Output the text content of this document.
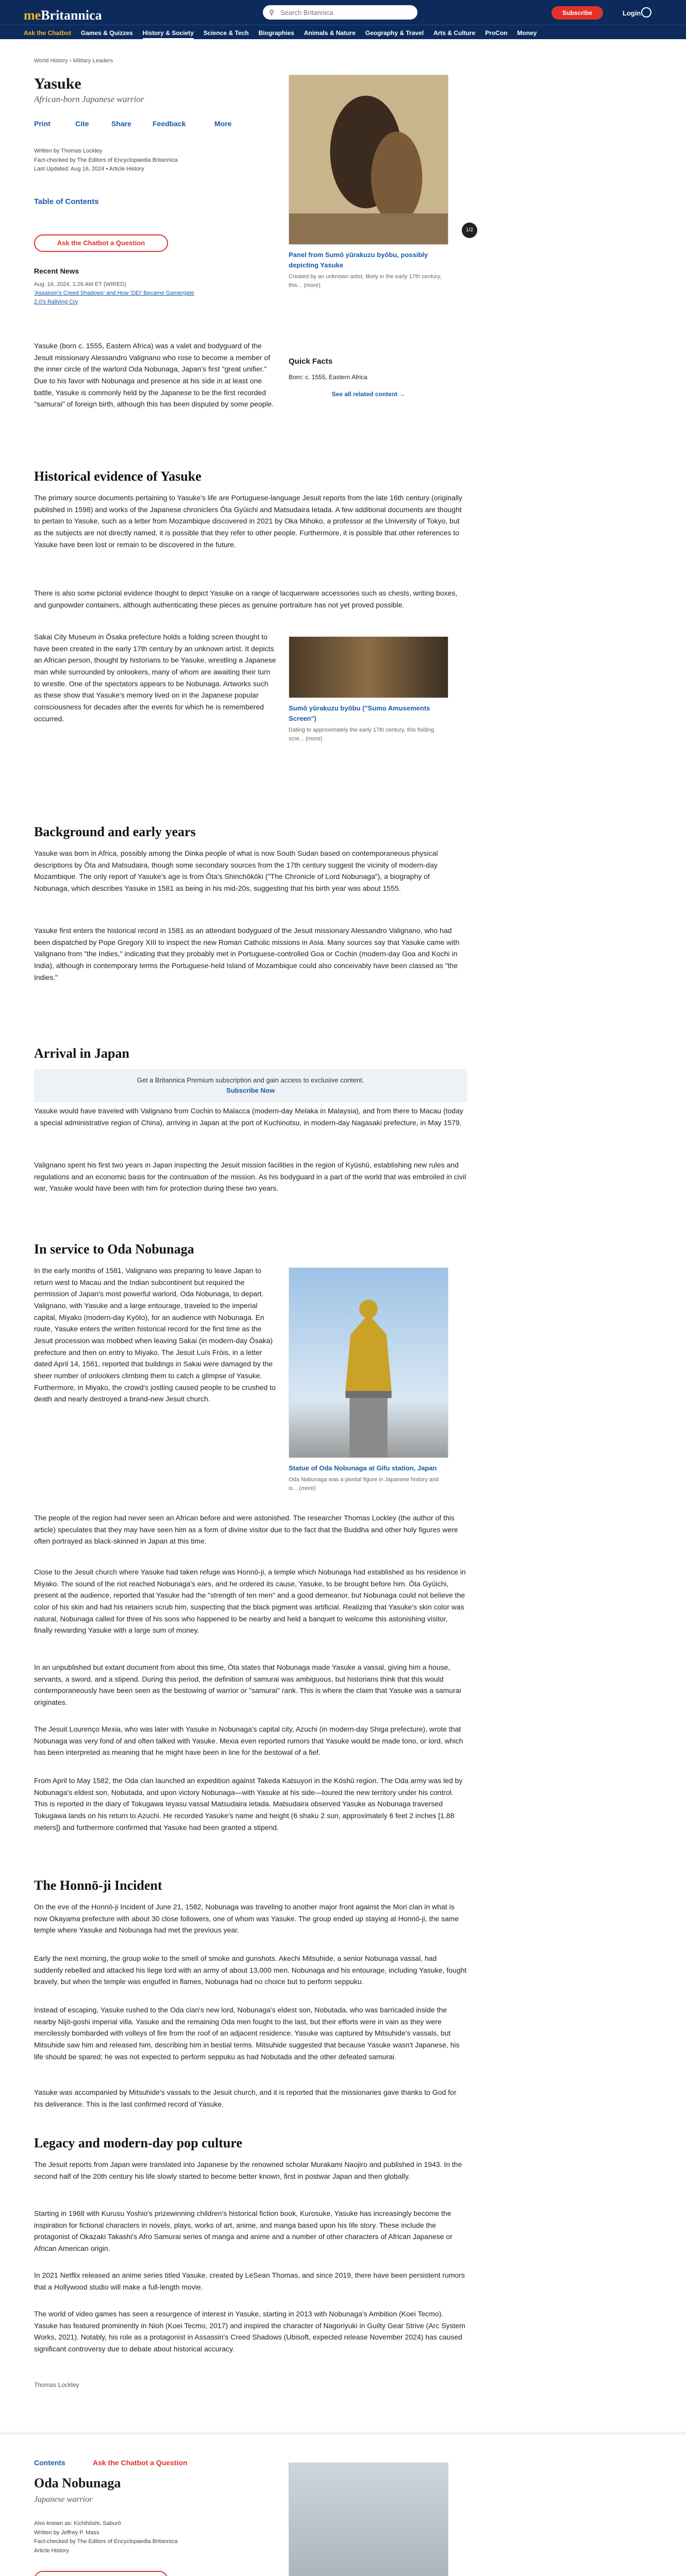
meBritannica	⚲
Search Britannica	Subscribe	Login
Ask the Chatbot Games & Quizzes History & Society Science & Tech Biographies Animals & Nature Geography & Travel Arts & Culture ProCon Money
World History › Military Leaders
Yasuke
African-born Japanese warrior
Print	Cite	Share	Feedback	More
Written by Thomas Lockley
Fact-checked by The Editors of Encyclopaedia Britannica
Last Updated: Aug 16, 2024 • Article History
Table of Contents
Ask the Chatbot a Question
Recent News
Aug. 16, 2024, 1:26 AM ET (WIRED)
'Assassin's Creed Shadows' and How 'DEI' Became Gamergate 2.0's Rallying Cry
1/2
Panel from Sumō yūrakuzu byōbu, possibly depicting Yasuke
Created by an unknown artist, likely in the early 17th century, this... (more)
Quick Facts
Born: c. 1555, Eastern Africa
See all related content →

Yasuke (born c. 1555, Eastern Africa) was a valet and bodyguard of the Jesuit missionary Alessandro Valignano who rose to become a member of the inner circle of the warlord Oda Nobunaga, Japan's first "great unifier." Due to his favor with Nobunaga and presence at his side in at least one battle, Yasuke is commonly held by the Japanese to be the first recorded "samurai" of foreign birth, although this has been disputed by some people.

Historical evidence of Yasuke

The primary source documents pertaining to Yasuke's life are Portuguese-language Jesuit reports from the late 16th century (originally published in 1598) and works of the Japanese chroniclers Ōta Gyūichi and Matsudaira Ietada. A few additional documents are thought to pertain to Yasuke, such as a letter from Mozambique discovered in 2021 by Oka Mihoko, a professor at the University of Tokyo, but as the subjects are not directly named, it is possible that they refer to other people. Furthermore, it is possible that other references to Yasuke have been lost or remain to be discovered in the future.

There is also some pictorial evidence thought to depict Yasuke on a range of lacquerware accessories such as chests, writing boxes, and gunpowder containers, although authenticating these pieces as genuine portraiture has not yet proved possible.

Sakai City Museum in Ōsaka prefecture holds a folding screen thought to have been created in the early 17th century by an unknown artist. It depicts an African person, thought by historians to be Yasuke, wrestling a Japanese man while surrounded by onlookers, many of whom are awaiting their turn to wrestle. One of the spectators appears to be Nobunaga. Artworks such as these show that Yasuke's memory lived on in the Japanese popular consciousness for decades after the events for which he is remembered occurred.

Sumō yūrakuzu byōbu ("Sumo Amusements Screen")
Dating to approximately the early 17th century, this folding scre... (more)
Background and early years

Yasuke was born in Africa, possibly among the Dinka people of what is now South Sudan based on contemporaneous physical descriptions by Ōta and Matsudaira, though some secondary sources from the 17th century suggest the vicinity of modern-day Mozambique. The only report of Yasuke's age is from Ōta's Shinchōkōki ("The Chronicle of Lord Nobunaga"), a biography of Nobunaga, which describes Yasuke in 1581 as being in his mid-20s, suggesting that his birth year was about 1555.

Yasuke first enters the historical record in 1581 as an attendant bodyguard of the Jesuit missionary Alessandro Valignano, who had been dispatched by Pope Gregory XIII to inspect the new Roman Catholic missions in Asia. Many sources say that Yasuke came with Valignano from "the Indies," indicating that they probably met in Portuguese-controlled Goa or Cochin (modern-day Goa and Kochi in India), although in contemporary terms the Portuguese-held Island of Mozambique could also conceivably have been classed as "the Indies."

Arrival in Japan
Get a Britannica Premium subscription and gain access to exclusive content.
Subscribe Now

Yasuke would have traveled with Valignano from Cochin to Malacca (modern-day Melaka in Malaysia), and from there to Macau (today a special administrative region of China), arriving in Japan at the port of Kuchinotsu, in modern-day Nagasaki prefecture, in May 1579.

Valignano spent his first two years in Japan inspecting the Jesuit mission facilities in the region of Kyūshū, establishing new rules and regulations and an economic basis for the continuation of the mission. As his bodyguard in a part of the world that was embroiled in civil war, Yasuke would have been with him for protection during these two years.

In service to Oda Nobunaga

In the early months of 1581, Valignano was preparing to leave Japan to return west to Macau and the Indian subcontinent but required the permission of Japan's most powerful warlord, Oda Nobunaga, to depart. Valignano, with Yasuke and a large entourage, traveled to the imperial capital, Miyako (modern-day Kyōto), for an audience with Nobunaga. En route, Yasuke enters the written historical record for the first time as the Jesuit procession was mobbed when leaving Sakai (in modern-day Ōsaka) prefecture and then on entry to Miyako. The Jesuit Luís Fróis, in a letter dated April 14, 1581, reported that buildings in Sakai were damaged by the sheer number of onlookers climbing them to catch a glimpse of Yasuke. Furthermore, in Miyako, the crowd's jostling caused people to be crushed to death and nearly destroyed a brand-new Jesuit church.

Statue of Oda Nobunaga at Gifu station, Japan
Oda Nobunaga was a pivotal figure in Japanese history and is... (more)

The people of the region had never seen an African before and were astonished. The researcher Thomas Lockley (the author of this article) speculates that they may have seen him as a form of divine visitor due to the fact that the Buddha and other holy figures were often portrayed as black-skinned in Japan at this time.

Close to the Jesuit church where Yasuke had taken refuge was Honnō-ji, a temple which Nobunaga had established as his residence in Miyako. The sound of the riot reached Nobunaga's ears, and he ordered its cause, Yasuke, to be brought before him. Ōta Gyūichi, present at the audience, reported that Yasuke had the "strength of ten men" and a good demeanor, but Nobunaga could not believe the color of his skin and had his retainers scrub him, suspecting that the black pigment was artificial. Realizing that Yasuke's skin color was natural, Nobunaga called for three of his sons who happened to be nearby and held a banquet to welcome this astonishing visitor, finally rewarding Yasuke with a large sum of money.

In an unpublished but extant document from about this time, Ōta states that Nobunaga made Yasuke a vassal, giving him a house, servants, a sword, and a stipend. During this period, the definition of samurai was ambiguous, but historians think that this would contemporaneously have been seen as the bestowing of warrior or "samurai" rank. This is where the claim that Yasuke was a samurai originates.

The Jesuit Lourenço Mexia, who was later with Yasuke in Nobunaga's capital city, Azuchi (in modern-day Shiga prefecture), wrote that Nobunaga was very fond of and often talked with Yasuke. Mexia even reported rumors that Yasuke would be made tono, or lord, which has been interpreted as meaning that he might have been in line for the bestowal of a fief.

From April to May 1582, the Oda clan launched an expedition against Takeda Katsuyori in the Kōshū region. The Oda army was led by Nobunaga's eldest son, Nobutada, and upon victory Nobunaga—with Yasuke at his side—toured the new territory under his control. This is reported in the diary of Tokugawa Ieyasu vassal Matsudaira Ietada. Matsudaira observed Yasuke as Nobunaga traversed Tokugawa lands on his return to Azuchi. He recorded Yasuke's name and height (6 shaku 2 sun, approximately 6 feet 2 inches [1.88 meters]) and furthermore confirmed that Yasuke had been granted a stipend.

The Honnō-ji Incident

On the eve of the Honnō-ji Incident of June 21, 1582, Nobunaga was traveling to another major front against the Mori clan in what is now Okayama prefecture with about 30 close followers, one of whom was Yasuke. The group ended up staying at Honnō-ji, the same temple where Yasuke and Nobunaga had met the previous year.

Early the next morning, the group woke to the smell of smoke and gunshots. Akechi Mitsuhide, a senior Nobunaga vassal, had suddenly rebelled and attacked his liege lord with an army of about 13,000 men. Nobunaga and his entourage, including Yasuke, fought bravely, but when the temple was engulfed in flames, Nobunaga had no choice but to perform seppuku.

Instead of escaping, Yasuke rushed to the Oda clan's new lord, Nobunaga's eldest son, Nobutada, who was barricaded inside the nearby Nijō-goshi imperial villa. Yasuke and the remaining Oda men fought to the last, but their efforts were in vain as they were mercilessly bombarded with volleys of fire from the roof of an adjacent residence. Yasuke was captured by Mitsuhide's vassals, but Mitsuhide saw him and released him, describing him in bestial terms. Mitsuhide suggested that because Yasuke wasn't Japanese, his life should be spared; he was not expected to perform seppuku as had Nobutada and the other defeated samurai.

Yasuke was accompanied by Mitsuhide's vassals to the Jesuit church, and it is reported that the missionaries gave thanks to God for his deliverance. This is the last confirmed record of Yasuke.

Legacy and modern-day pop culture

The Jesuit reports from Japan were translated into Japanese by the renowned scholar Murakami Naojiro and published in 1943. In the second half of the 20th century his life slowly started to become better known, first in postwar Japan and then globally.

Starting in 1968 with Kurusu Yoshio's prizewinning children's historical fiction book, Kurosuke, Yasuke has increasingly become the inspiration for fictional characters in novels, plays, works of art, anime, and manga based upon his life story. These include the protagonist of Okazaki Takashi's Afro Samurai series of manga and anime and a number of other characters of African Japanese or African American origin.

In 2021 Netflix released an anime series titled Yasuke, created by LeSean Thomas, and since 2019, there have been persistent rumors that a Hollywood studio will make a full-length movie.

The world of video games has seen a resurgence of interest in Yasuke, starting in 2013 with Nobunaga's Ambition (Koei Tecmo). Yasuke has featured prominently in Nioh (Koei Tecmo, 2017) and inspired the character of Nagoriyuki in Guilty Gear Strive (Arc System Works, 2021). Notably, his role as a protagonist in Assassin's Creed Shadows (Ubisoft, expected release November 2024) has caused significant controversy due to debate about historical accuracy.

Thomas Lockley
Contents	Ask the Chatbot a Question
Oda Nobunaga
Japanese warrior
Also known as: Kichihōshi, Saburō
Written by Jeffrey P. Mass
Fact-checked by The Editors of Encyclopaedia Britannica
Article History
